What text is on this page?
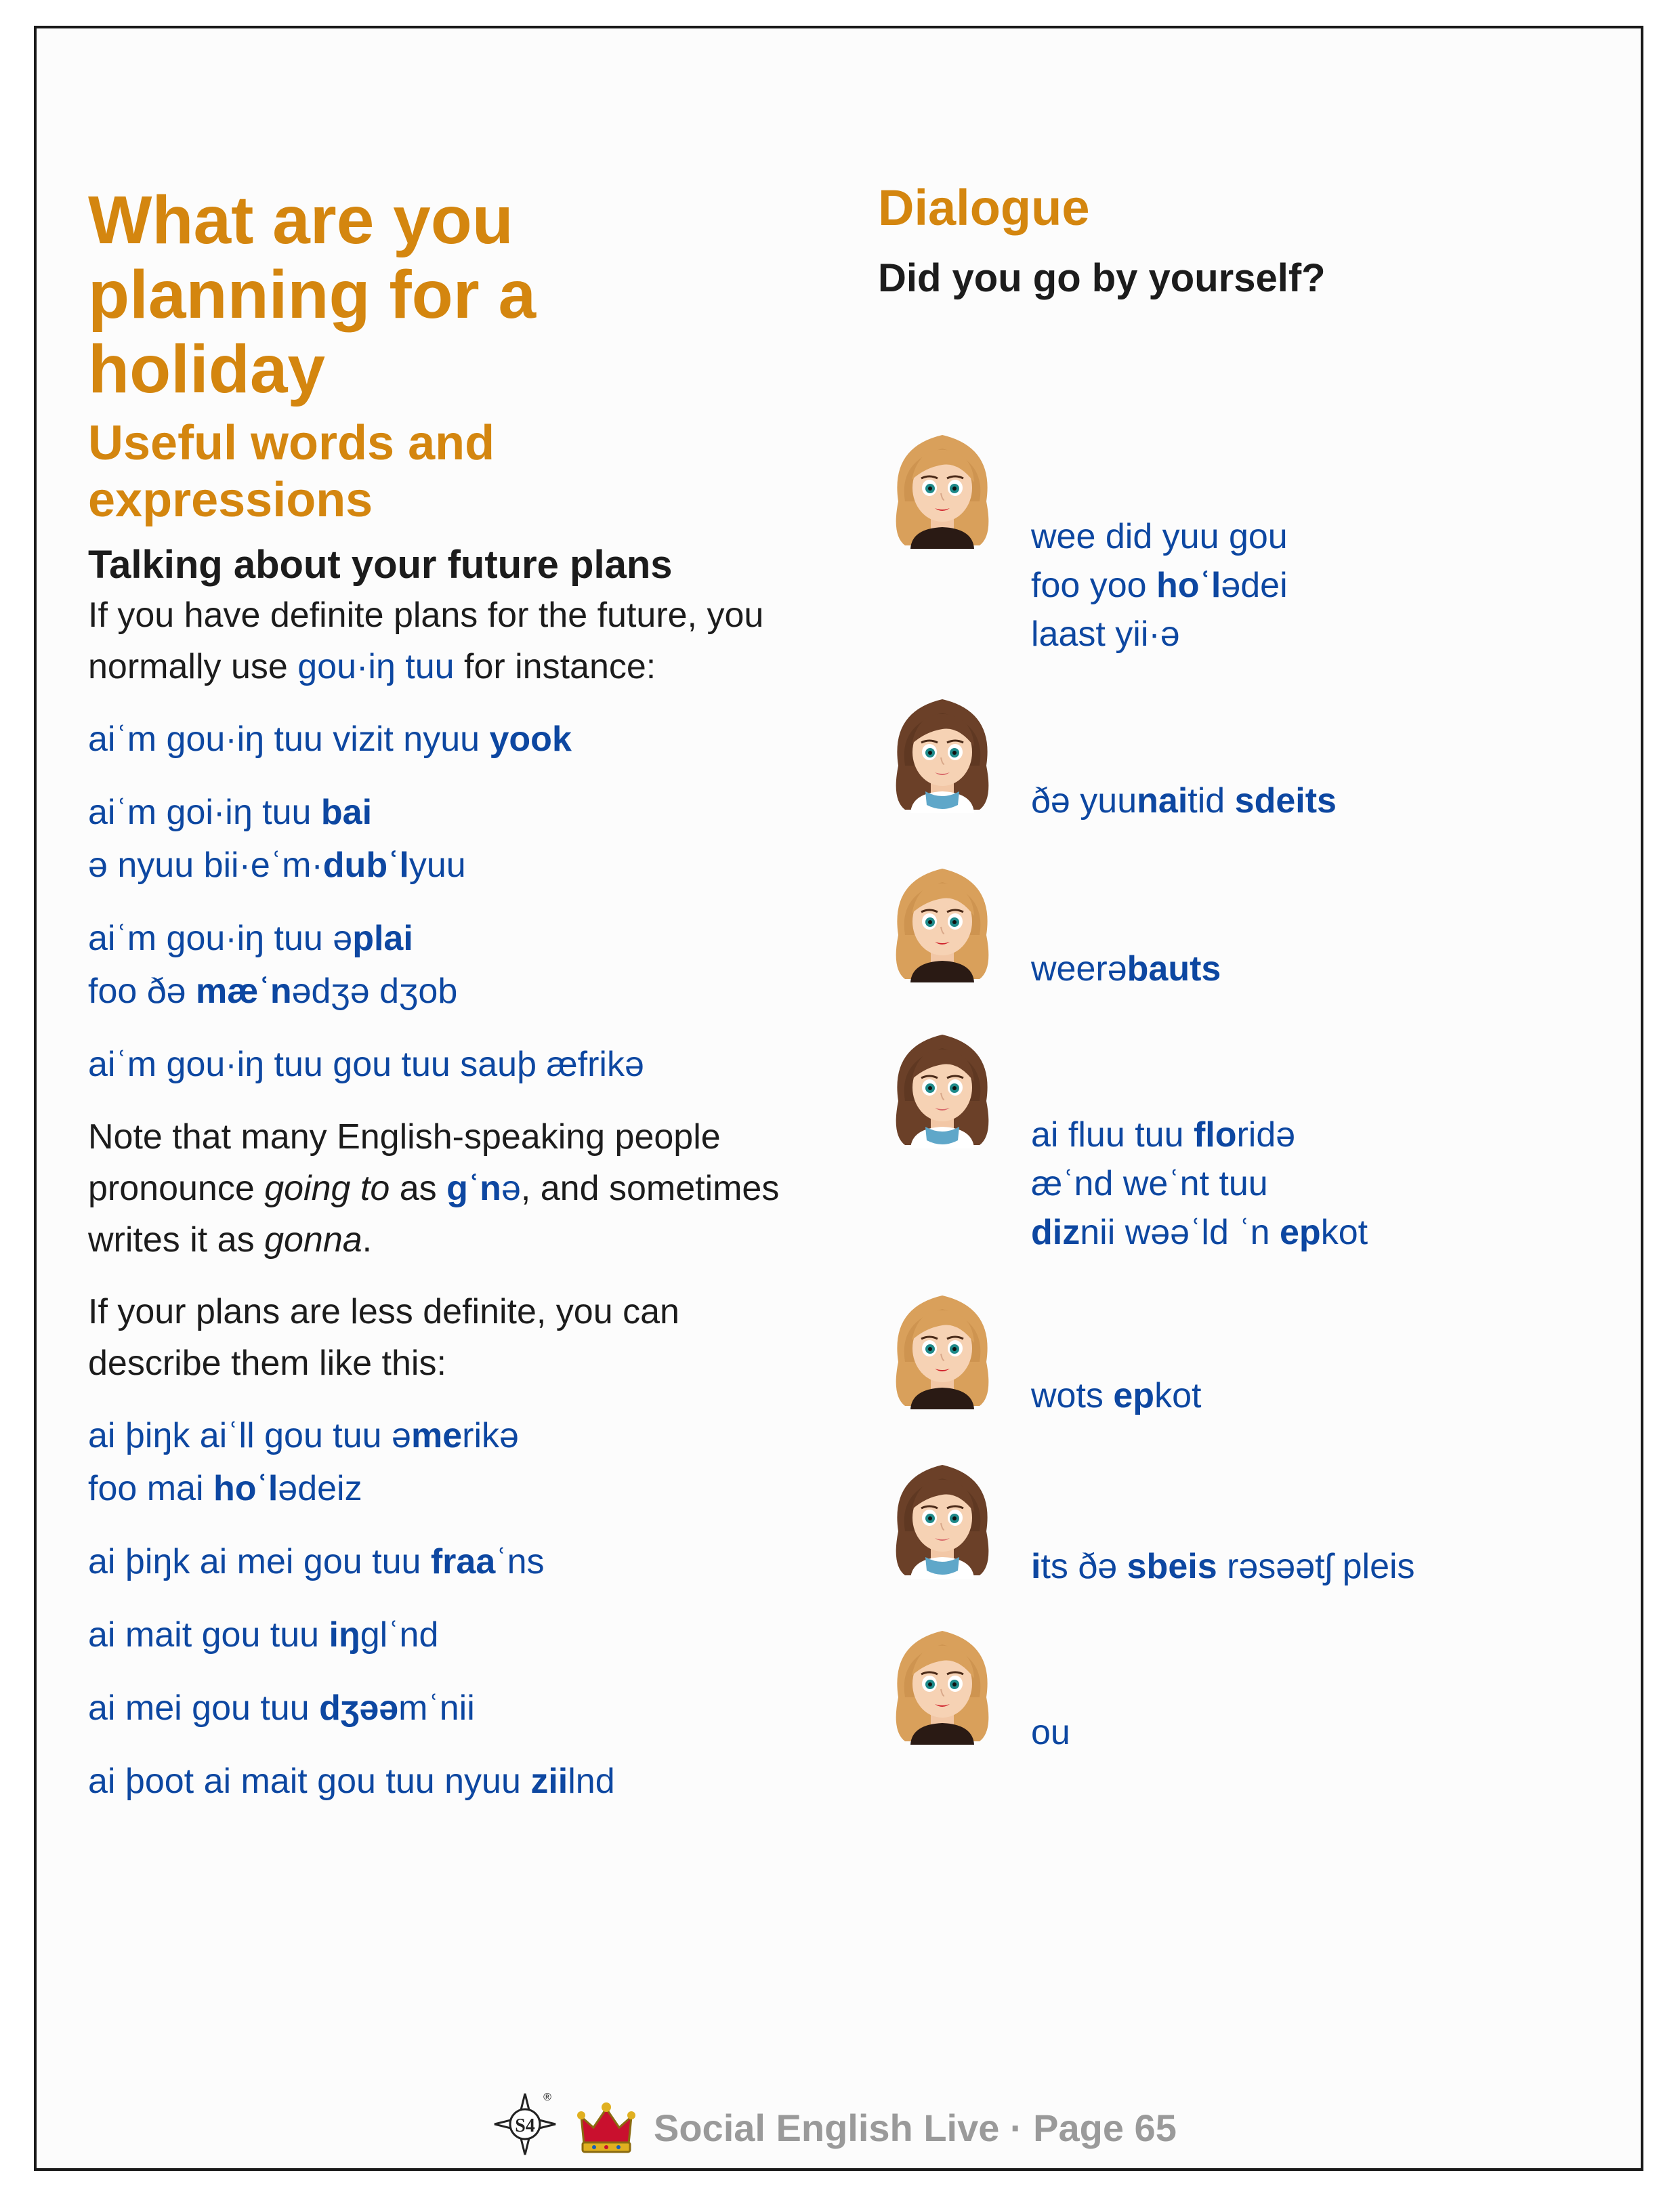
What are you planning for a holiday
Useful words and expressions
Talking about your future plans

If you have definite plans for the future, you normally use gou·iŋ tuu for instance:

aiʿm gou·iŋ tuu vizit nyuu yook

aiʿm goi·iŋ tuu bai

ə nyuu bii·eʿm·dubʿlyuu

aiʿm gou·iŋ tuu əplai

foo ðə mæʿnədʒə dʒob

aiʿm gou·iŋ tuu gou tuu sauþ æfrikə

Note that many English-speaking people pronounce going to as gʿnə, and sometimes writes it as gonna.

If your plans are less definite, you can describe them like this:

ai þiŋk aiʿll gou tuu əmerikə

foo mai hoʿlədeiz

ai þiŋk ai mei gou tuu fraaʿns

ai mait gou tuu iŋglʿnd

ai mei gou tuu dʒəəmʿnii

ai þoot ai mait gou tuu nyuu ziilnd

Dialogue
Did you go by yourself?
wee did yuu gou
foo yoo hoʿlədei
laast yii·ə
ðə yuunaitid sdeits
weerəbauts
ai fluu tuu floridə
æʿnd weʿnt tuu
diznii wəəʿld ʿn epkot
wots epkot
its ðə sbeis rəsəətʃ pleis
ou
S4
®
Social English Live · Page 65
